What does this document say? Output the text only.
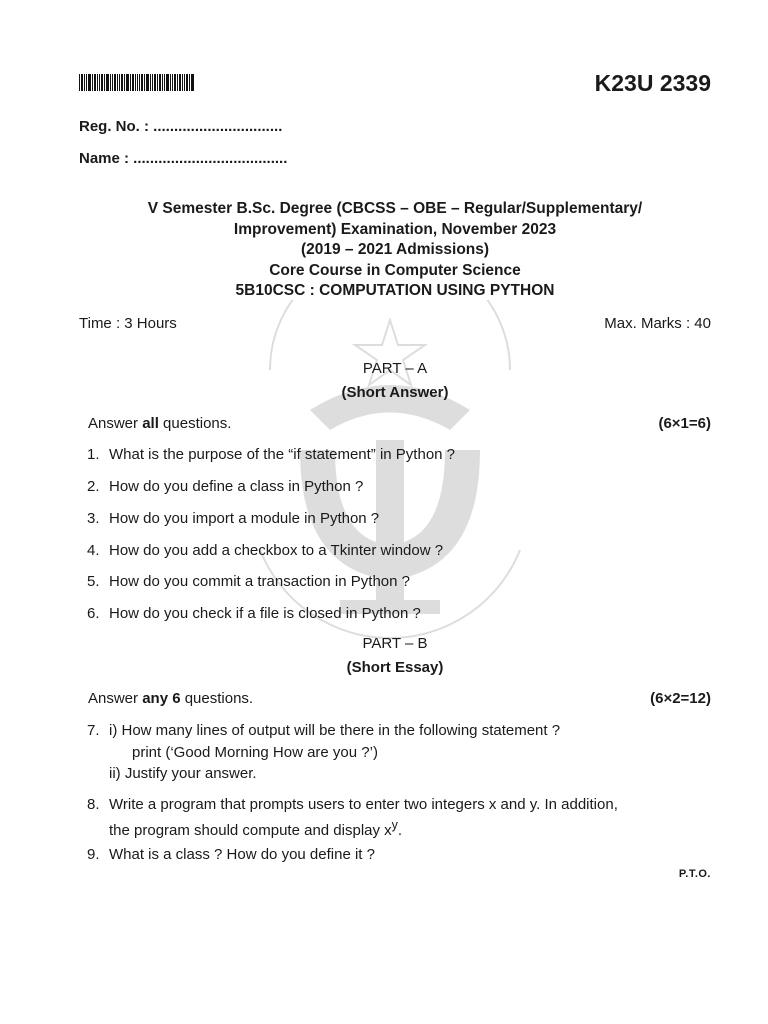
K23U 2339
Reg. No. : ...............................
Name : .....................................
V Semester B.Sc. Degree (CBCSS – OBE – Regular/Supplementary/
Improvement) Examination, November 2023
(2019 – 2021 Admissions)
Core Course in Computer Science
5B10CSC : COMPUTATION USING PYTHON
Time : 3 Hours	Max. Marks : 40
PART – A
(Short Answer)
Answer all questions.	(6×1=6)
1. What is the purpose of the “if statement” in Python ?
2. How do you define a class in Python ?
3. How do you import a module in Python ?
4. How do you add a checkbox to a Tkinter window ?
5. How do you commit a transaction in Python ?
6. How do you check if a file is closed in Python ?
PART – B
(Short Essay)
Answer any 6 questions.	(6×2=12)
7. i) How many lines of output will be there in the following statement ?
print (‘Good Morning How are you ?’)
ii) Justify your answer.
8. Write a program that prompts users to enter two integers x and y. In addition,
the program should compute and display $x^y$.
9. What is a class ? How do you define it ?
P.T.O.
